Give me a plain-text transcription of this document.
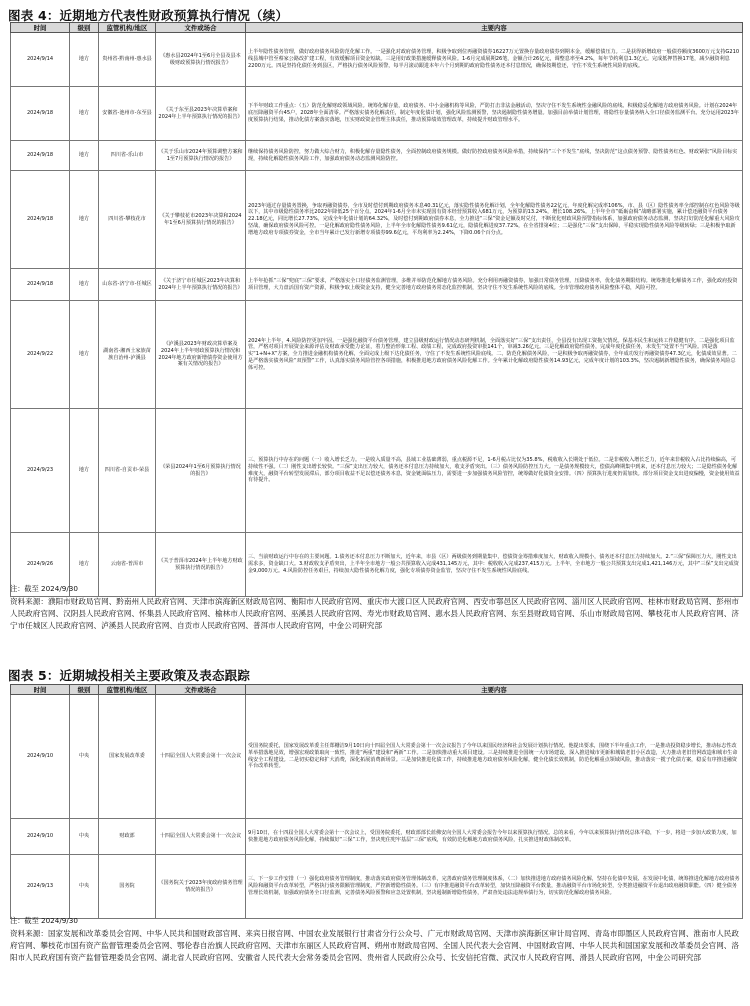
图表 4：近期地方代表性财政预算执行情况（续）
时间	级别	监管机构/地区	文件或场合	主要内容
2024/9/14	地方	贵州省-黔南州-惠水县	《惠水县2024年1至6月全县及县本级财政预算执行情况报告》	上半年隐性债务管理，做好政府债务风险防范化解工作。一是强化对政府债务管理，积极争取到位再融资债券16227万元置换存量政府债券到期本金，缓解偿债压力。二是获得新增政府一般债券额度3600万元支持G210线县城中管至蔡家公路改扩建工程，有效缓解项目资金短缺。三是用好政策措施缓释债务风险。1-6月完成展期26笔，金额合计26亿元，调整息率至4.2%，每年节约利息1.3亿元。完成抵押替换17笔，减少融资利息2200万元。四是坚持化债任务到县区，严格执行债务风险预警，每半月滚动跟进本年六个月到期的政府隐性债务还本付息情况，确保按期偿还，守住不发生系统性风险的底线。
2024/9/18	地方	安徽省-池州市-东至县	《关于东至县2023年决算草案和2024年上半年预算执行情况的报告》	下半年财政工作重点：（五）防范化解财政领域风险。统筹化解存量，政府债务、中小金融机构等风险，严防打击非法金融活动，坚决守住不发生系统性金融风险的底线。积极稳妥化解地方政府债务风险。计划在2024年底压降融资平台45户，2028年全面清零。严格落实债务化解责任，制定年度化债计划，强化风险监测预警，坚决遏制隐性债务增量。加强目前举债计划管理，将隐性存量债务纳入全口径债务监测平台。充分运用2023年度预算执行结果，推动化债方案落实落地，压实财政资金管理主体责任，推动预算绩效管理改革，持续提升财政管理水平。
2024/9/18	地方	四川省-乐山市	《关于乐山市2024年预算调整方案和1至7月预算执行情况的报告》	继续保持债务风险防控，努力做大综合财力，积极化解存量隐性债务，全面控制政府债务规模。做好防控政府债务风险举措，持续保持“三个不发生”底线，坚决防范“这点债务预警、隐性债务红色、财政紧张”风险目标实现，持续化解隐性债务风险工作，加强政府债务动态监测风险防控。
2024/9/18	地方	四川省-攀枝花市	《关于攀枝花市2023年决算和2024年1至6月预算执行情况的报告》	2023年通过存量债务置换，争取再融资债券，全市及时偿付到期政府债务本息40.31亿元，落实隐性债务化解计划，全年化解隐性债务22亿元，年度化解完成率106%，市、县（区）隐性债务率全部控制在红色风险等级以下，其中市级隐性债务率比2022年降低25个百分点。2024年1-6月全市未实现国有资本经营预算收入681万元，为预算的13.24%，增长108.26%。上半年全市“砥砺奋楫”战略部署实施，累计偿还融资平台债务22.18亿元，同比增长27.73%，完成全年化债计划的64.32%，及时偿付到期政府债券本息，全力推进“三保”资金足额及时兑付，不断优化财政风险预警指标体系，加强政府债务动态监测，坚决打好防范化解重大风险攻坚战，确保政府债务风险可控。一是化解政府隐性债务风险，上半年全市化解隐性债务9.61亿元，隐债化解进度37.72%，在全省排第4位；二是强化“三保”支出保障，平稳实现隐性债务风险等级转绿；三是积极争取新增地方政府专项债券资金，全市当年累计已发行新增专项债券99.6亿元，平均利率为2.24%，下降0.06个百分点。
2024/9/18	地方	山东省-济宁市-任城区	《关于济宁市任城区2023年决算和2024年上半年预算执行情况的报告》	上半年抢抓“三保”兜底“三保”要求，严格落实全口径债务监测管理，多维并举防范化解地方债务风险。充分利用再融资债券，加强日常债务管理，压降债务率，优化债务期限结构。统筹推进化解债务工作，强化政府投资项目管理，大力盘活国有资产资源，积极争取上级资金支持，健全完善地方政府债务常态化监控机制，坚决守住不发生系统性风险的底线。全市管理政府债务风险整体平稳，风险可控。
2024/9/22	地方	湖南省-湘西土家族苗族自治州-泸溪县	《泸溪县2023年财政决算草案及2024年上半年财政预算执行情况和2024年地方政府新增债券资金使用方案有关情况的报告》	2024年上半年，4.风险防控更加牢固。一是强化融资平台债务管理，建立县级财政运行情况动态研判机制，全面落实好“三保”支出责任，全县没有出现工资拖欠情况。保基本民生和运转工作稳健有序。二是强化项目监管，严格对项目开展资金来源评估及财政承受能力论证，着力整治形象工程、政绩工程，完成政府投资审批141个，审减3.26亿元。三是化解政府隐性债务，完成年度化债任务，未发生“处置不当”风险。四是落实“1+N+X”方案，全力推进金融机构债务化解，全面完成上级下达化债任务，守住了不发生系统性风险底线。二、防范化解债务风险，一是积极争取再融资债券，全年成功发行再融资债券47.3亿元，化债成效显著。二是严格落实债务风险“双预警”工作，认真落实债务风险管控各项措施，积极推进地方政府债务风险化解工作。全年累计化解政府隐性债务14.93亿元，完成年度计划的103.3%，坚决遏制新增隐性债务，确保债务风险总体可控。
2024/9/23	地方	四川省-自贡市-荣县	《荣县2024年1至6月预算执行情况的报告》	三、预算执行中存在的问题（一）收入增长乏力。一是收入质量不高，县域工业基础薄弱，重点税源不足，1-6月税占比仅为35.8%，税收收入长期处于低位。二是非税收入增长乏力，近年来非税收入占比持续偏高，可持续性不强。（二）刚性支出增长较快。“三保”支出压力较大，债务还本付息压力持续加大，收支矛盾突出。（三）债务风险防控压力大。一是债务规模较大，偿债高峰期集中到来，还本付息压力较大；二是隐性债务化解难度大，融资平台转型发展滞后，部分项目收益不足以偿还债务本息，资金链面临压力，需要进一步加强债务风险管控，统筹做好化债资金安排。（四）预算执行进度仍需加快。部分项目资金支出进度偏慢，资金使用效益有待提升。
2024/9/26	地方	云南省-普洱市	《关于普洱市2024年上半年地方财政预算执行情况的报告》	三、当前财政运行中存在的主要问题。1.债务还本付息压力不断加大，近年来，市县（区）两级债务到期量集中，偿债资金筹措难度加大，财政收入规模小，债务还本付息压力持续加大。2.“三保”保障压力大，刚性支出需求多，资金缺口大。3.财政收支矛盾突出，上半年全市地方一般公共预算收入完成431,145万元，其中：税收收入完成237,415万元。上半年，全市地方一般公共预算支出完成1,421,146万元，其中“三保”支出完成资金9,000万元。4.风险防控任务艰巨，持续加大隐性债务化解力度，强化专项债券资金监管，坚决守住不发生系统性风险底线。
注：截至 2024/9/30
资料来源：濮阳市财政局官网、黔南州人民政府官网、天津市滨海新区财政局官网、衡阳市人民政府官网、重庆市大渡口区人民政府官网、西安市鄠邑区人民政府官网、淄川区人民政府官网、桂林市财政局官网、彭州市人民政府官网、汉阴县人民政府官网、怀集县人民政府官网、榆林市人民政府官网、巫溪县人民政府官网、寿光市财政局官网、惠水县人民政府官网、东至县财政局官网、乐山市财政局官网、攀枝花市人民政府官网、济宁市任城区人民政府官网、泸溪县人民政府官网、自贡市人民政府官网、普洱市人民政府官网，中金公司研究部
图表 5：近期城投相关主要政策及表态跟踪
时间	级别	监管机构/地区	文件或场合	主要内容
2024/9/10	中央	国家发展改革委	十四届全国人大常委会第十一次会议	受国务院委托，国家发展改革委主任郑栅洁9月10日向十四届全国人大常委会第十一次会议报告了今年以来国民经济和社会发展计划执行情况。他提出要求，围绕下半年重点工作，一是推动投资稳步增长，推动标志性改革举措落地见效，增强宏观政策取向一致性，推进“两重”建设和“两新”工作。二是加快推动重大项目建设。三是持续推进全国统一大市场建设，深入推进城市更新和城镇老旧小区改造，大力推动老旧管网改造和城市生命线安全工程建设。二是切实稳定和扩大消费，深化拓展消费新场景。三是加快推进化债工作，持续推进地方政府债务风险化解，健全化债长效机制，防范化解重点领域风险，推动落实一揽子化债方案，稳妥有序推进融资平台改革转型。
2024/9/10	中央	财政部	十四届全国人大常委会第十一次会议	9月10日，在十四届全国人大常委会第十一次会议上，受国务院委托，财政部部长蓝佛安向全国人大常委会报告今年以来预算执行情况。总的来看，今年以来预算执行情况总体平稳，下一步，将进一步加大政策力度，加快推进地方政府债务风险化解，持续做好“三保”工作，坚决兜住兜牢基层“三保”底线，有效防范化解地方政府债务风险，扎实推进财政体制改革。
2024/9/13	中央	国务院	《国务院关于2023年度政府债务管理情况的报告》	三、下一步工作安排（一）强化政府债务管理制度，推动落实政府债务管理体制改革，完善政府债务管理制度体系，（二）加快推进地方政府债务风险化解，坚持在化债中发展、在发展中化债，统筹推进化解地方政府债务风险和融资平台改革转型，严格执行债务限额管理制度，严控新增隐性债务。（三）有序推进融资平台改革转型，加快压降融资平台数量，推动融资平台市场化转型，分类推进融资平台退出政府融资职能。（四）健全债务管理长效机制，加强政府债务全口径监测，完善债务风险预警和应急处置机制，坚决遏制新增隐性债务，严肃查处违法违规举债行为，切实防范化解政府债务风险。
注：截至 2024/9/30
资料来源：国家发展和改革委员会官网、中华人民共和国财政部官网、来宾日报官网、中国农业发展银行甘肃省分行公众号、广元市财政局官网、天津市滨海新区审计局官网、青岛市即墨区人民政府官网、淮南市人民政府官网、攀枝花市国有资产监督管理委员会官网、鄂伦春自治旗人民政府官网、天津市东丽区人民政府官网、朔州市财政局官网、全国人民代表大会官网、中国财政官网、中华人民共和国国家发展和改革委员会官网、洛阳市人民政府国有资产监督管理委员会官网、湖北省人民政府官网、安徽省人民代表大会常务委员会官网、贵州省人民政府公众号、长安信托官微、武汉市人民政府官网、滑县人民政府官网，中金公司研究部
